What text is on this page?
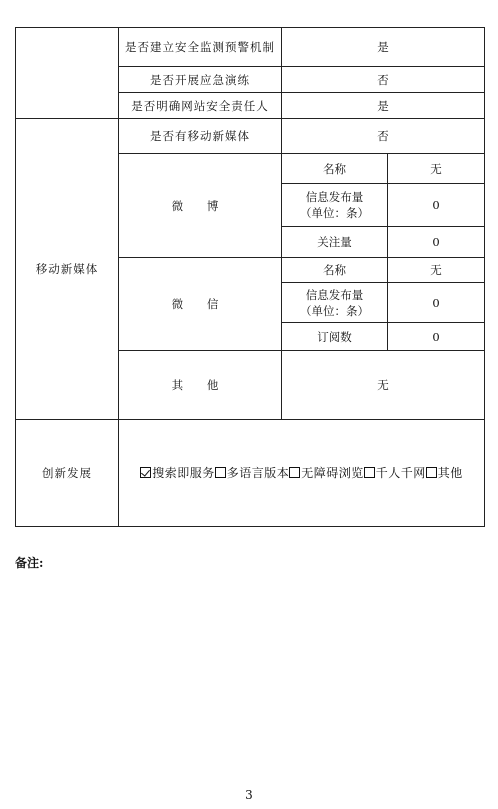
	是否建立安全监测预警机制	是	
	是否开展应急演练	否	
	是否明确网站安全责任人	是	
移动新媒体	是否有移动新媒体	否	
	微 博	名称	无
		信息发布量（单位：条）	0
		关注量	0
	微 信	名称	无
		信息发布量（单位：条）	0
		订阅数	0
	其 他	无	
创新发展	搜索即服务 多语言版本 无障碍浏览 千人千网 其他		
备注:
3
